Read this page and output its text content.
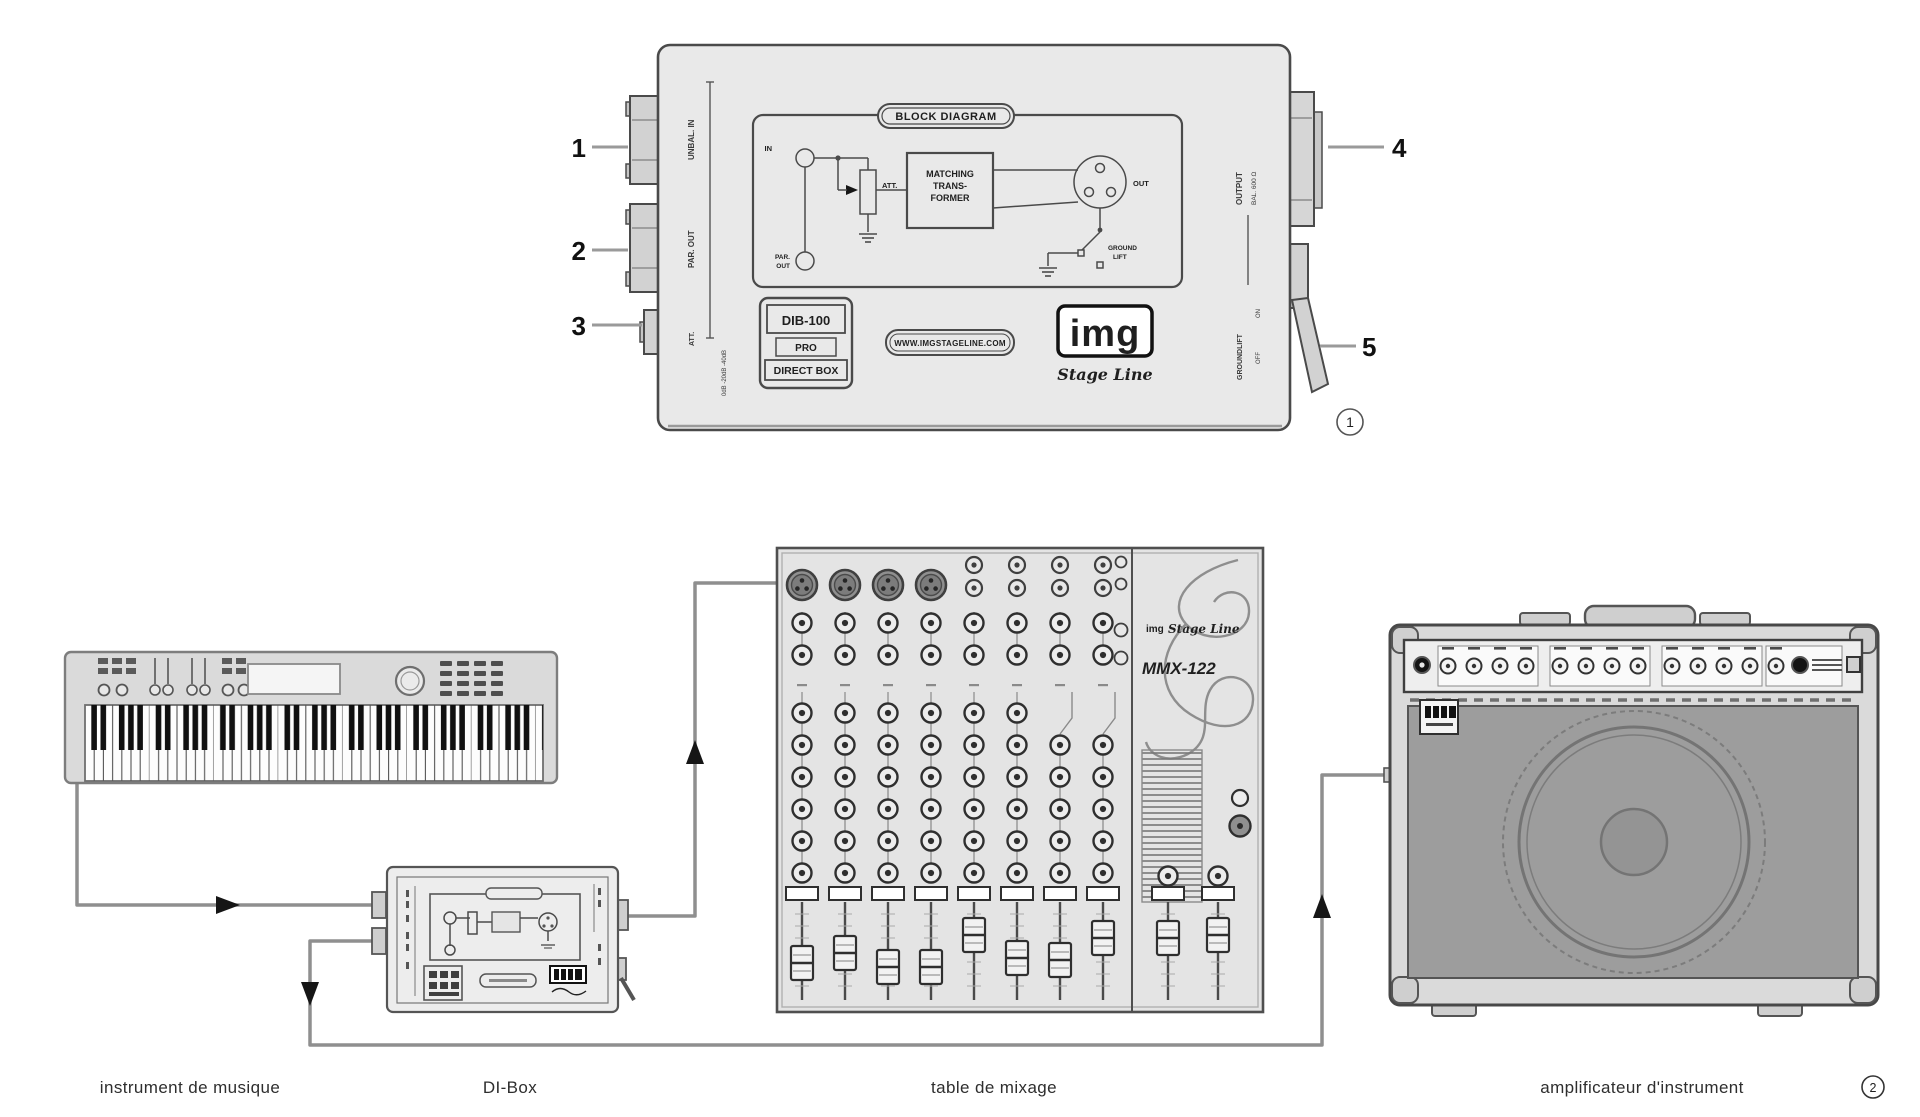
UNBAL. IN
PAR. OUT
ATT.
0dB -20dB -40dB
OUTPUT BAL. 600 Ω
GROUNDLIFT
ON
OFF
BLOCK DIAGRAM
IN
PAR.
OUT
ATT.
MATCHING
TRANS-
FORMER
OUT
GROUND
LIFT
DIB-100
PRO
DIRECT BOX
WWW.IMGSTAGELINE.COM img
Stage Line
1
2
3
4
5
1
img Stage Line
MMX-122
instrument de musique	DI-Box	table de mixage	amplificateur d'instrument	2
